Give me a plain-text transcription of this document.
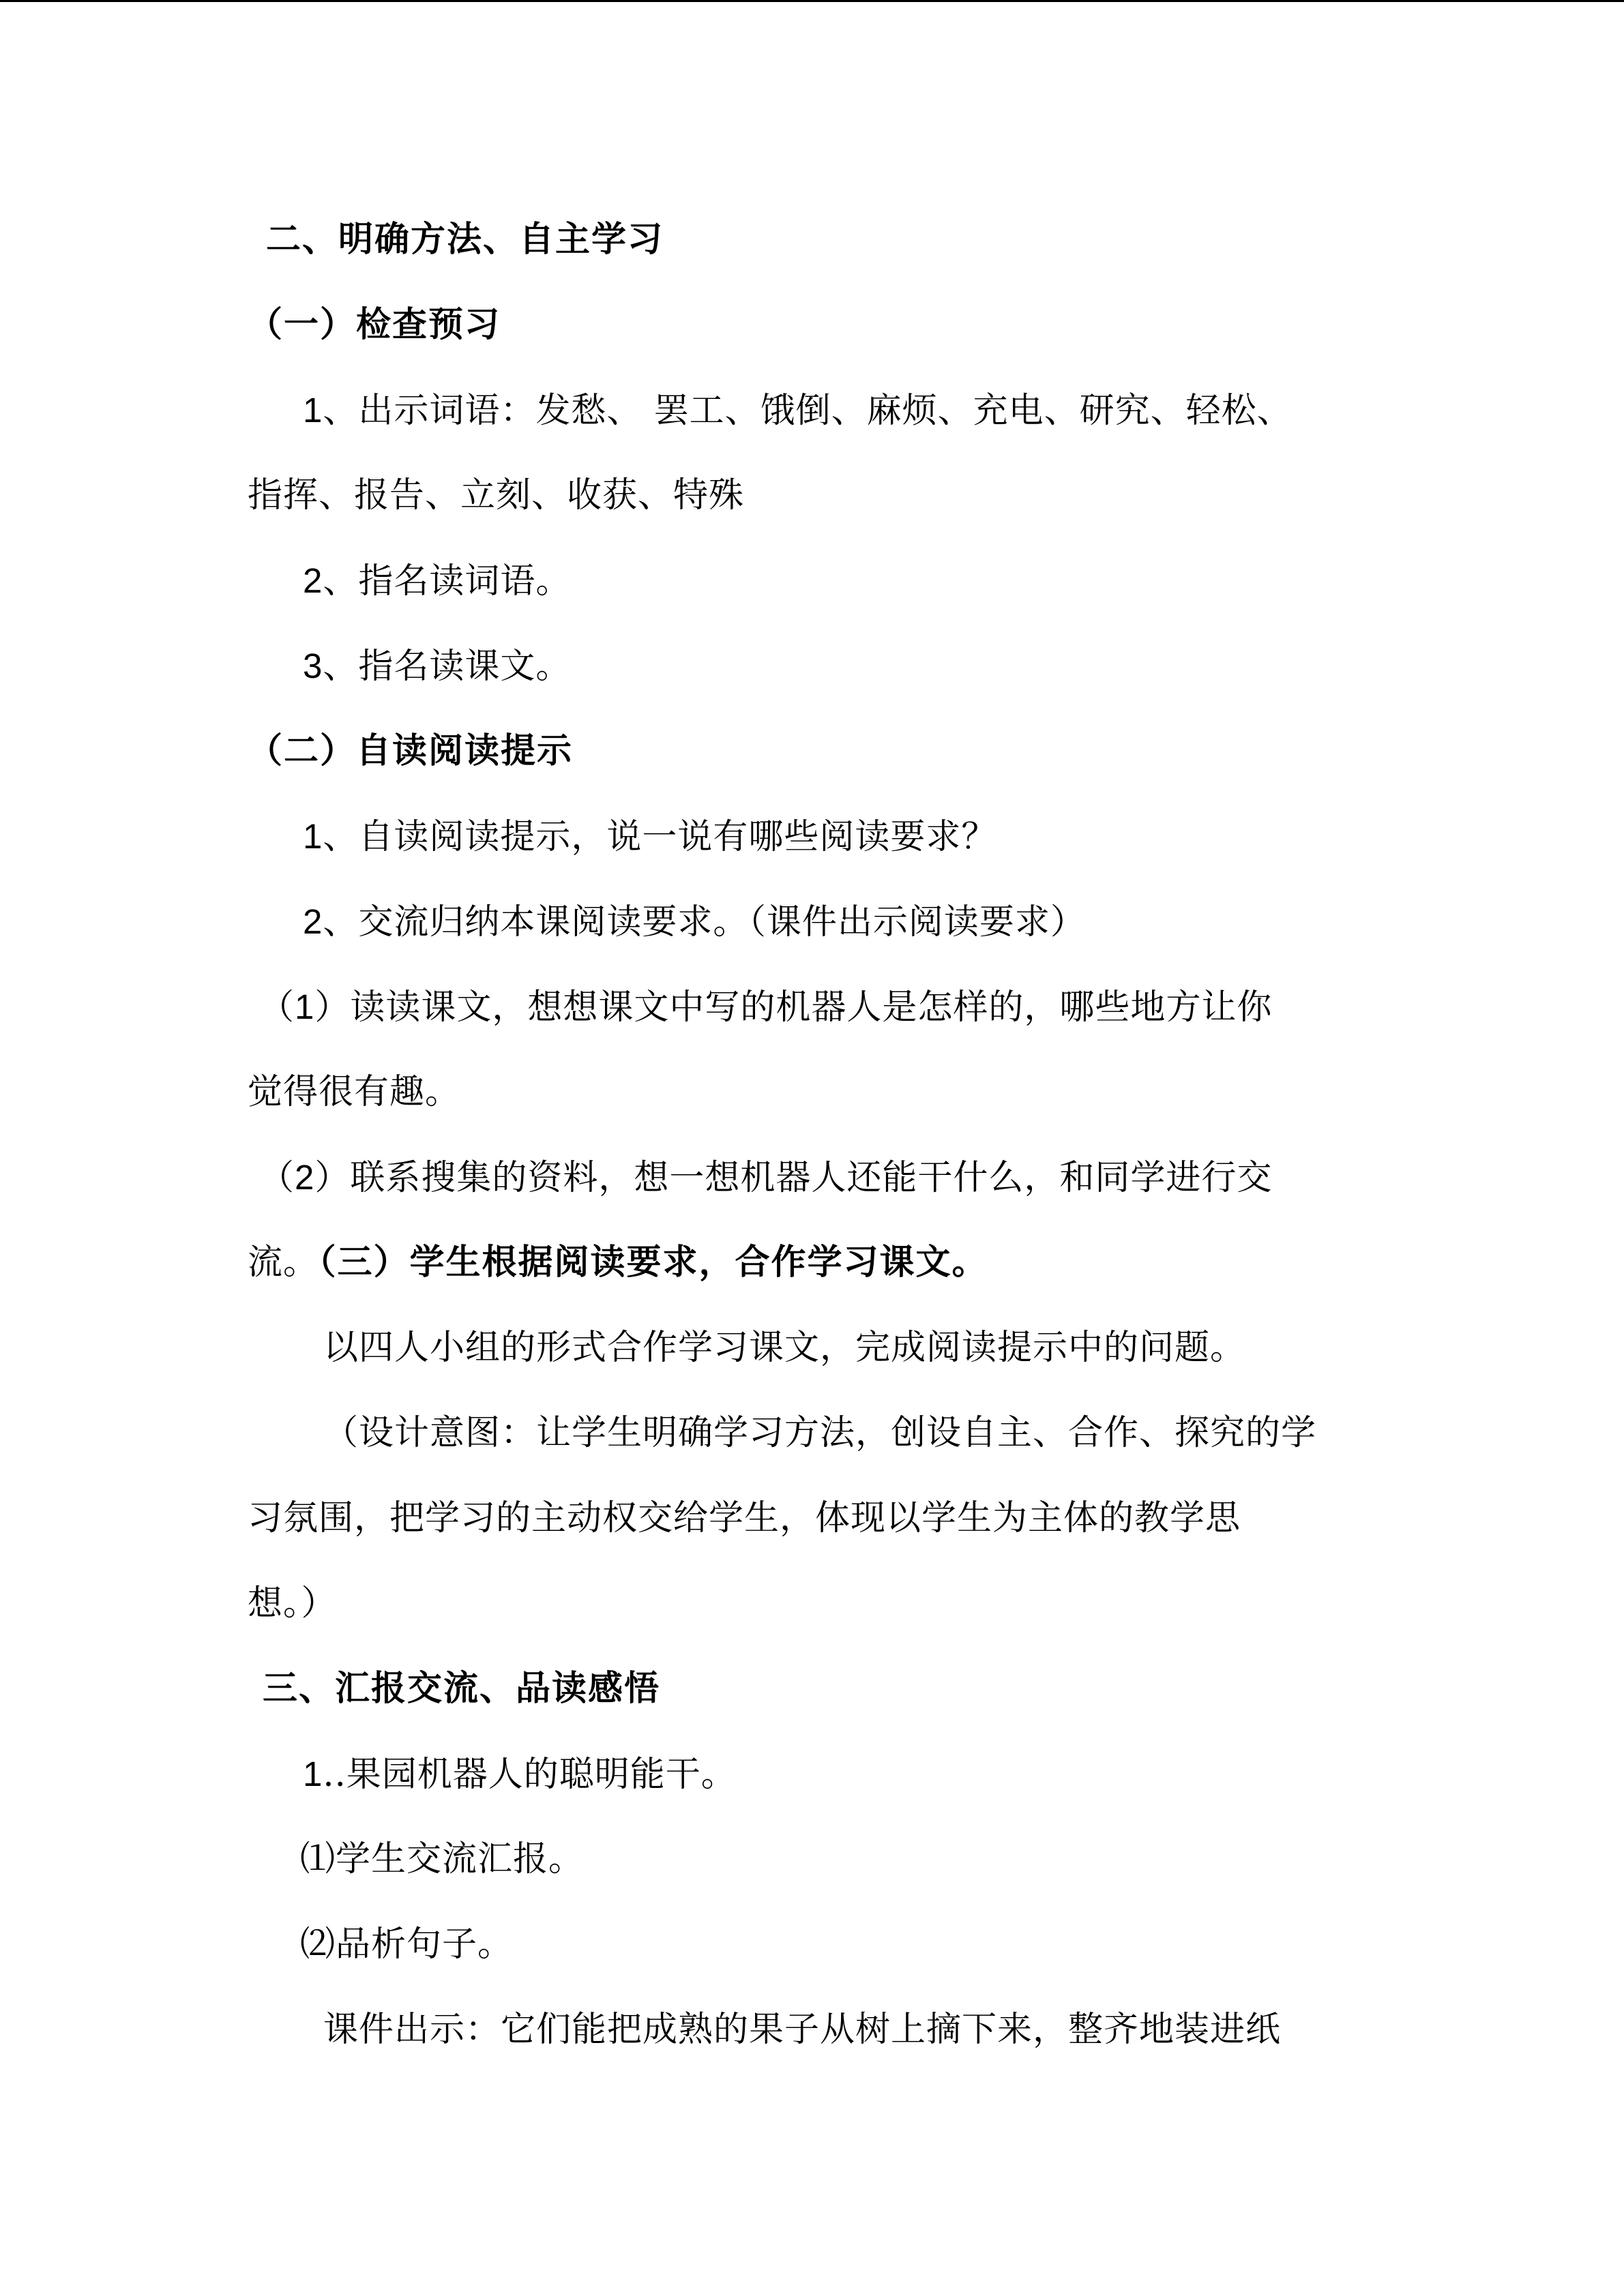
二、明确方法、自主学习
（一）检查预习
1、出示词语：发愁、 罢工、饿倒、麻烦、充电、研究、轻松、
指挥、报告、立刻、收获、特殊
2、指名读词语。
3、指名读课文。
（二）自读阅读提示
1、自读阅读提示，说一说有哪些阅读要求？
2、交流归纳本课阅读要求。（课件出示阅读要求）
（1）读读课文，想想课文中写的机器人是怎样的，哪些地方让你
觉得很有趣。
（2）联系搜集的资料，想一想机器人还能干什么，和同学进行交
流。（三）学生根据阅读要求，合作学习课文。
以四人小组的形式合作学习课文，完成阅读提示中的问题。
（设计意图：让学生明确学习方法，创设自主、合作、探究的学
习氛围，把学习的主动权交给学生，体现以学生为主体的教学思
想。）
三、汇报交流、品读感悟
1..果园机器人的聪明能干。
⑴学生交流汇报。
⑵品析句子。
课件出示：它们能把成熟的果子从树上摘下来，整齐地装进纸
